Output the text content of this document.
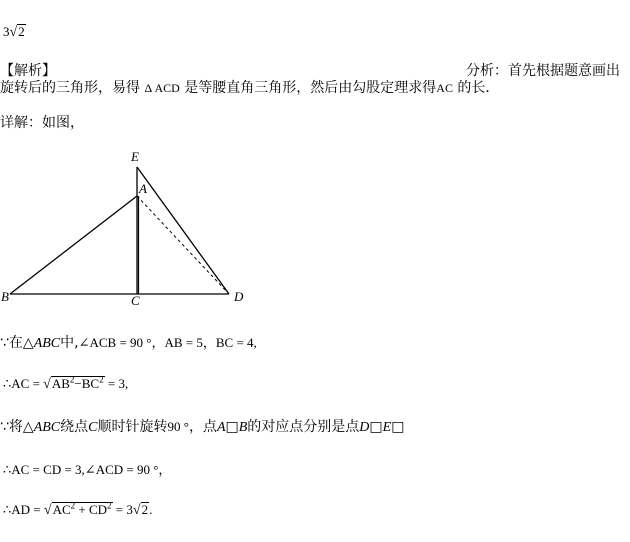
3√2
【解析】	分析：首先根据题意画出
旋转后的三角形，易得 Δ ACD 是等腰直角三角形，然后由勾股定理求得AC 的长．
详解：如图，
E
A
B	C	D
∵在△ABC中,∠ACB = 90 °，AB = 5，BC = 4,
∴AC = $√AB^2-BC^2 = 3$,
∵将△ABC绕点C顺时针旋转90 °，点A□B的对应点分别是点D□E□
∴AC = CD = 3,∠ACD = 90 °，
∴AD = $√AC^2 + CD^2 = 3√2$.
